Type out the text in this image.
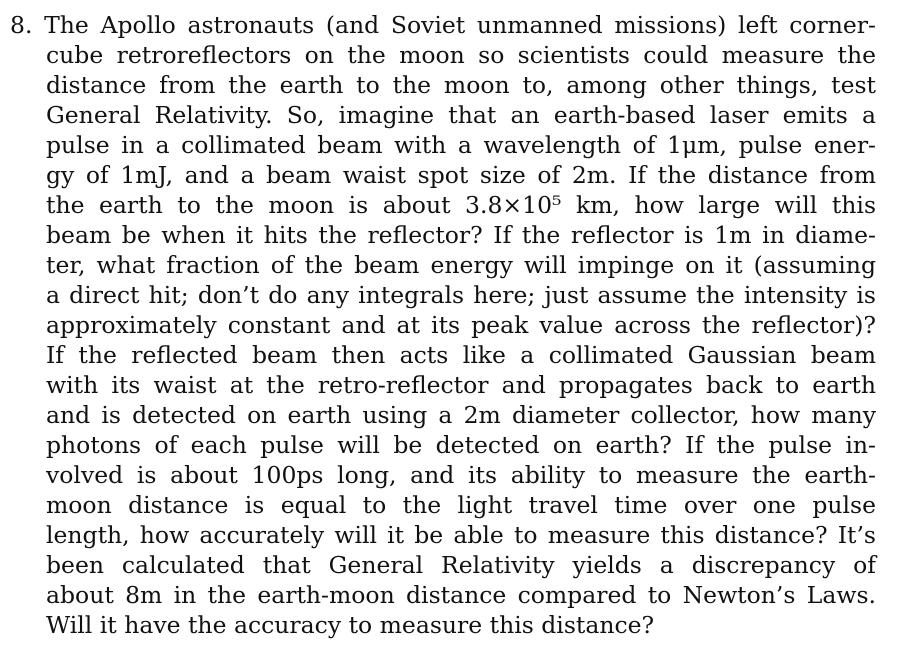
8. The Apollo astronauts (and Soviet unmanned missions) left corner-
cube retroreflectors on the moon so scientists could measure the
distance from the earth to the moon to, among other things, test
General Relativity. So, imagine that an earth-based laser emits a
pulse in a collimated beam with a wavelength of 1μm, pulse ener-
gy of 1mJ, and a beam waist spot size of 2m. If the distance from
the earth to the moon is about 3.8×10⁵ km, how large will this
beam be when it hits the reflector? If the reflector is 1m in diame-
ter, what fraction of the beam energy will impinge on it (assuming
a direct hit; don’t do any integrals here; just assume the intensity is
approximately constant and at its peak value across the reflector)?
If the reflected beam then acts like a collimated Gaussian beam
with its waist at the retro-reflector and propagates back to earth
and is detected on earth using a 2m diameter collector, how many
photons of each pulse will be detected on earth? If the pulse in-
volved is about 100ps long, and its ability to measure the earth-
moon distance is equal to the light travel time over one pulse
length, how accurately will it be able to measure this distance? It’s
been calculated that General Relativity yields a discrepancy of
about 8m in the earth-moon distance compared to Newton’s Laws.
Will it have the accuracy to measure this distance?
